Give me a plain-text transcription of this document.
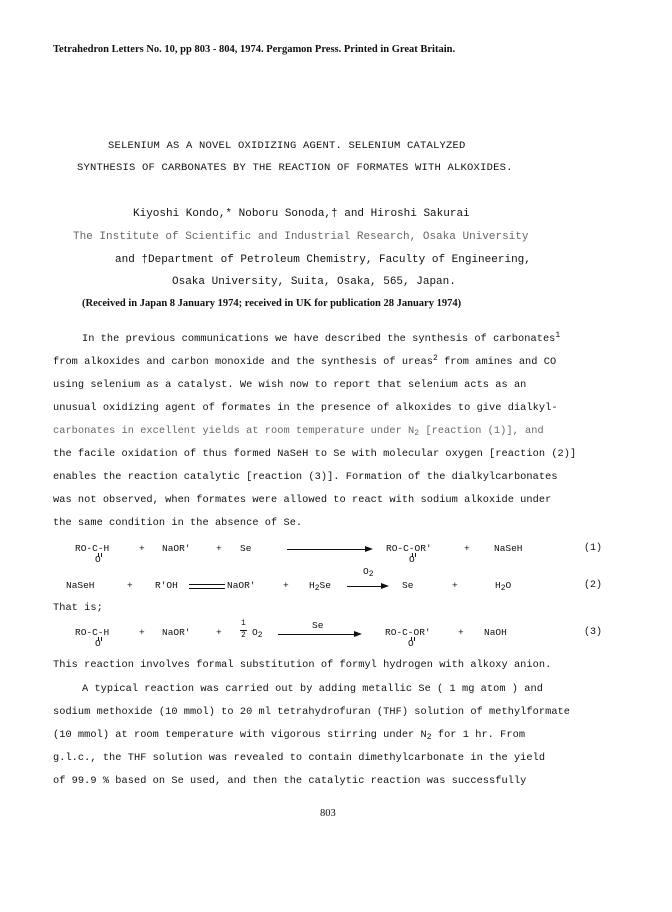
Tetrahedron Letters No. 10, pp 803 - 804, 1974. Pergamon Press. Printed in Great Britain.
SELENIUM AS A NOVEL OXIDIZING AGENT. SELENIUM CATALYZED
SYNTHESIS OF CARBONATES BY THE REACTION OF FORMATES WITH ALKOXIDES.
Kiyoshi Kondo,* Noboru Sonoda,† and Hiroshi Sakurai
The Institute of Scientific and Industrial Research, Osaka University
and †Department of Petroleum Chemistry, Faculty of Engineering,
Osaka University, Suita, Osaka, 565, Japan.
(Received in Japan 8 January 1974; received in UK for publication 28 January 1974)
In the previous communications we have described the synthesis of carbonates$^1$
from alkoxides and carbon monoxide and the synthesis of ureas$^2$ from amines and CO
using selenium as a catalyst. We wish now to report that selenium acts as an
unusual oxidizing agent of formates in the presence of alkoxides to give dialkyl-
carbonates in excellent yields at room temperature under $N_2$ [reaction (1)], and
the facile oxidation of thus formed NaSeH to Se with molecular oxygen [reaction (2)]
enables the reaction catalytic [reaction (3)]. Formation of the dialkylcarbonates
was not observed, when formates were allowed to react with sodium alkoxide under
the same condition in the absence of Se.
RO-C-H
O
+ NaOR'	+ Se	RO-C-OR'
O
+	NaSeH	(1)
NaSeH	+ R'OH	NaOR'	+ $H_2Se$
$O_2$
Se	+	$H_2O$	(2)
That is;
RO-C-H
O
+ NaOR'	+
1
2 $O_2$
Se
RO-C-OR'
O
+ NaOH	(3)
This reaction involves formal substitution of formyl hydrogen with alkoxy anion.
A typical reaction was carried out by adding metallic Se ( 1 mg atom ) and
sodium methoxide (10 mmol) to 20 ml tetrahydrofuran (THF) solution of methylformate
(10 mmol) at room temperature with vigorous stirring under $N_2$ for 1 hr. From
g.l.c., the THF solution was revealed to contain dimethylcarbonate in the yield
of 99.9 % based on Se used, and then the catalytic reaction was successfully
803
